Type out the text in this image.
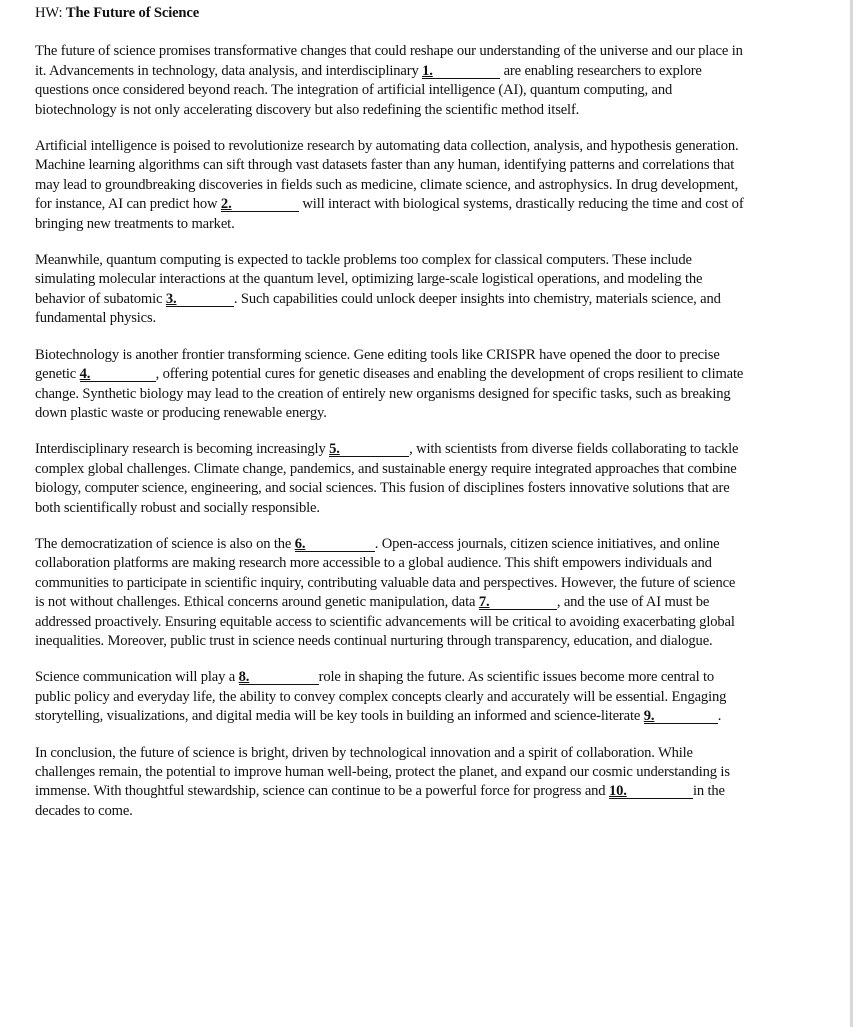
HW: The Future of Science

The future of science promises transformative changes that could reshape our understanding of the universe and our place in it. Advancements in technology, data analysis, and interdisciplinary 1.	are enabling researchers to explore questions once considered beyond reach. The integration of artificial intelligence (AI), quantum computing, and biotechnology is not only accelerating discovery but also redefining the scientific method itself.

Artificial intelligence is poised to revolutionize research by automating data collection, analysis, and hypothesis generation. Machine learning algorithms can sift through vast datasets faster than any human, identifying patterns and correlations that may lead to groundbreaking discoveries in fields such as medicine, climate science, and astrophysics. In drug development, for instance, AI can predict how 2.	will interact with biological systems, drastically reducing the time and cost of bringing new treatments to market.

Meanwhile, quantum computing is expected to tackle problems too complex for classical computers. These include simulating molecular interactions at the quantum level, optimizing large-scale logistical operations, and modeling the behavior of subatomic 3.	. Such capabilities could unlock deeper insights into chemistry, materials science, and fundamental physics.

Biotechnology is another frontier transforming science. Gene editing tools like CRISPR have opened the door to precise genetic 4.	, offering potential cures for genetic diseases and enabling the development of crops resilient to climate change. Synthetic biology may lead to the creation of entirely new organisms designed for specific tasks, such as breaking down plastic waste or producing renewable energy.

Interdisciplinary research is becoming increasingly 5.	, with scientists from diverse fields collaborating to tackle complex global challenges. Climate change, pandemics, and sustainable energy require integrated approaches that combine biology, computer science, engineering, and social sciences. This fusion of disciplines fosters innovative solutions that are both scientifically robust and socially responsible.

The democratization of science is also on the 6.	. Open-access journals, citizen science initiatives, and online collaboration platforms are making research more accessible to a global audience. This shift empowers individuals and communities to participate in scientific inquiry, contributing valuable data and perspectives. However, the future of science is not without challenges. Ethical concerns around genetic manipulation, data 7.	, and the use of AI must be addressed proactively. Ensuring equitable access to scientific advancements will be critical to avoiding exacerbating global inequalities. Moreover, public trust in science needs continual nurturing through transparency, education, and dialogue.

Science communication will play a 8.	role in shaping the future. As scientific issues become more central to public policy and everyday life, the ability to convey complex concepts clearly and accurately will be essential. Engaging storytelling, visualizations, and digital media will be key tools in building an informed and science-literate 9.	.

In conclusion, the future of science is bright, driven by technological innovation and a spirit of collaboration. While challenges remain, the potential to improve human well-being, protect the planet, and expand our cosmic understanding is immense. With thoughtful stewardship, science can continue to be a powerful force for progress and 10.	in the decades to come.
